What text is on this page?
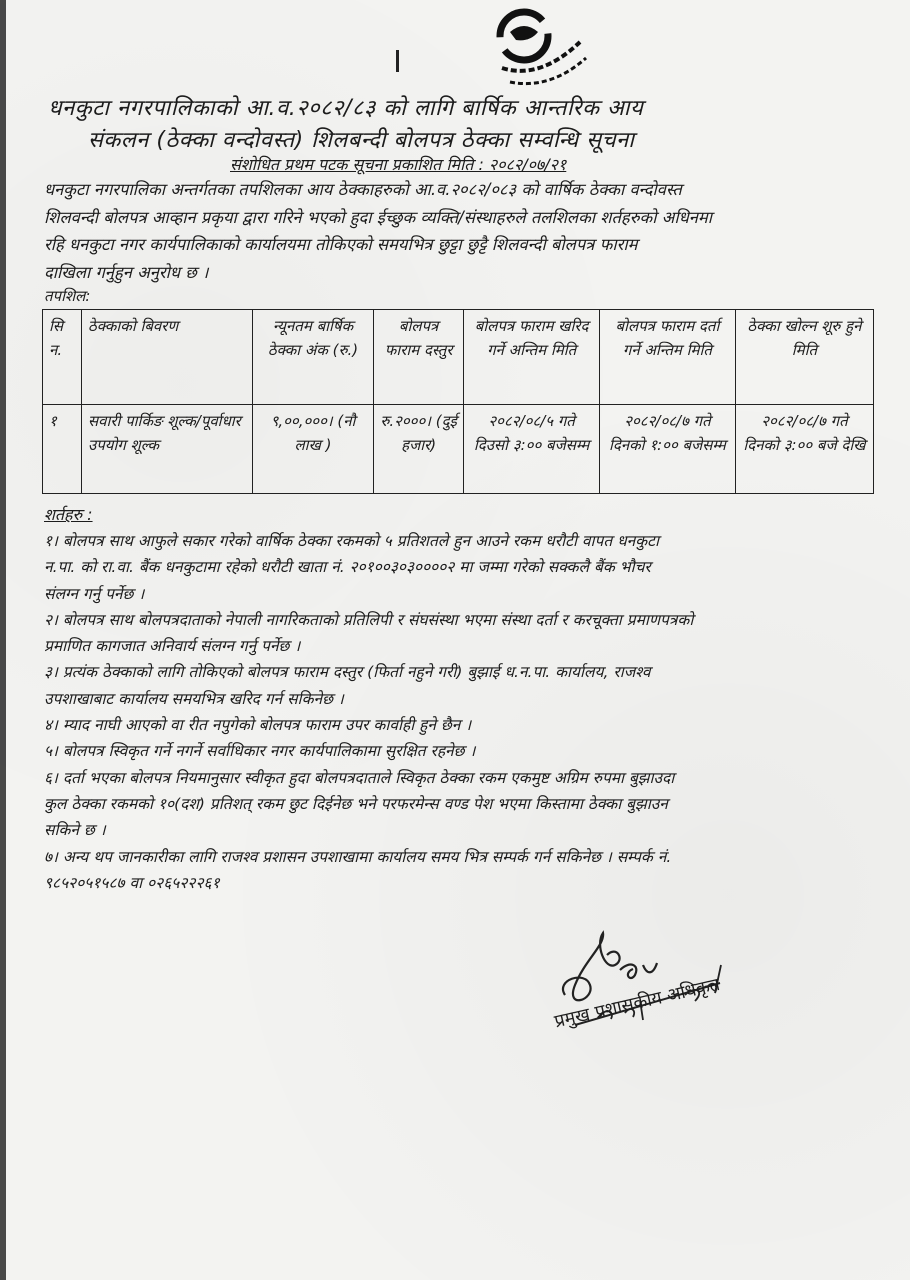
धनकुटा नगरपालिकाको आ.व.२०८२/८३ को लागि बार्षिक आन्तरिक आय
संकलन (ठेक्का वन्दोवस्त) शिलबन्दी बोलपत्र ठेक्का सम्वन्धि सूचना
संशोधित प्रथम पटक सूचना प्रकाशित मिति : २०८२/०७/२१
धनकुटा नगरपालिका अन्तर्गतका तपशिलका आय ठेक्काहरुको आ.व.२०८२/०८३ को वार्षिक ठेक्का वन्दोवस्त
शिलवन्दी बोलपत्र आव्हान प्रकृया द्वारा गरिने भएको हुदा ईच्छुक व्यक्ति/संस्थाहरुले तलशिलका शर्तहरुको अधिनमा
रहि धनकुटा नगर कार्यपालिकाको कार्यालयमा तोकिएको समयभित्र छुट्टा छुट्टै शिलवन्दी बोलपत्र फाराम
दाखिला गर्नुहुन अनुरोध छ ।
तपशिल:
सि न.	ठेक्काको बिवरण	न्यूनतम बार्षिक ठेक्का अंक (रु.)	बोलपत्र फाराम दस्तुर	बोलपत्र फाराम खरिद गर्ने अन्तिम मिति	बोलपत्र फाराम दर्ता गर्ने अन्तिम मिति	ठेक्का खोल्न शूरु हुने मिति
१	सवारी पार्किङ शूल्क/पूर्वाधार उपयोग शूल्क	९,००,०००। (नौ लाख )	रु.२०००। (दुई हजार)	२०८२/०८/५ गते दिउसो ३:०० बजेसम्म	२०८२/०८/७ गते दिनको १:०० बजेसम्म	२०८२/०८/७ गते दिनको ३:०० बजे देखि
शर्तहरु :
१। बोलपत्र साथ आफुले सकार गरेको वार्षिक ठेक्का रकमको ५ प्रतिशतले हुन आउने रकम धरौटी वापत धनकुटा
न.पा. को रा.वा. बैंक धनकुटामा रहेको धरौटी खाता नं. २०१००३०३००००२ मा जम्मा गरेको सक्कलै बैंक भौचर
संलग्न गर्नु पर्नेछ ।
२। बोलपत्र साथ बोलपत्रदाताको नेपाली नागरिकताको प्रतिलिपी र संघसंस्था भएमा संस्था दर्ता र करचूक्ता प्रमाणपत्रको
प्रमाणित कागजात अनिवार्य संलग्न गर्नु पर्नेछ ।
३। प्रत्यंक ठेक्काको लागि तोकिएको बोलपत्र फाराम दस्तुर (फिर्ता नहुने गरी) बुझाई ध.न.पा. कार्यालय, राजश्व
उपशाखाबाट कार्यालय समयभित्र खरिद गर्न सकिनेछ ।
४। म्याद नाघी आएको वा रीत नपुगेको बोलपत्र फाराम उपर कार्वाही हुने छैन ।
५। बोलपत्र स्विकृत गर्ने नगर्ने सर्वाधिकार नगर कार्यपालिकामा सुरक्षित रहनेछ ।
६। दर्ता भएका बोलपत्र नियमानुसार स्वीकृत हुदा बोलपत्रदाताले स्विकृत ठेक्का रकम एकमुष्ट अग्रिम रुपमा बुझाउदा
कुल ठेक्का रकमको १०(दश) प्रतिशत् रकम छुट दिईनेछ भने परफरमेन्स वण्ड पेश भएमा किस्तामा ठेक्का बुझाउन
सकिने छ ।
७। अन्य थप जानकारीका लागि राजश्व प्रशासन उपशाखामा कार्यालय समय भित्र सम्पर्क गर्न सकिनेछ । सम्पर्क नं.
९८५२०५१५८७ वा ०२६५२२२६१
प्रमुख प्रशासकीय अधिकृत
